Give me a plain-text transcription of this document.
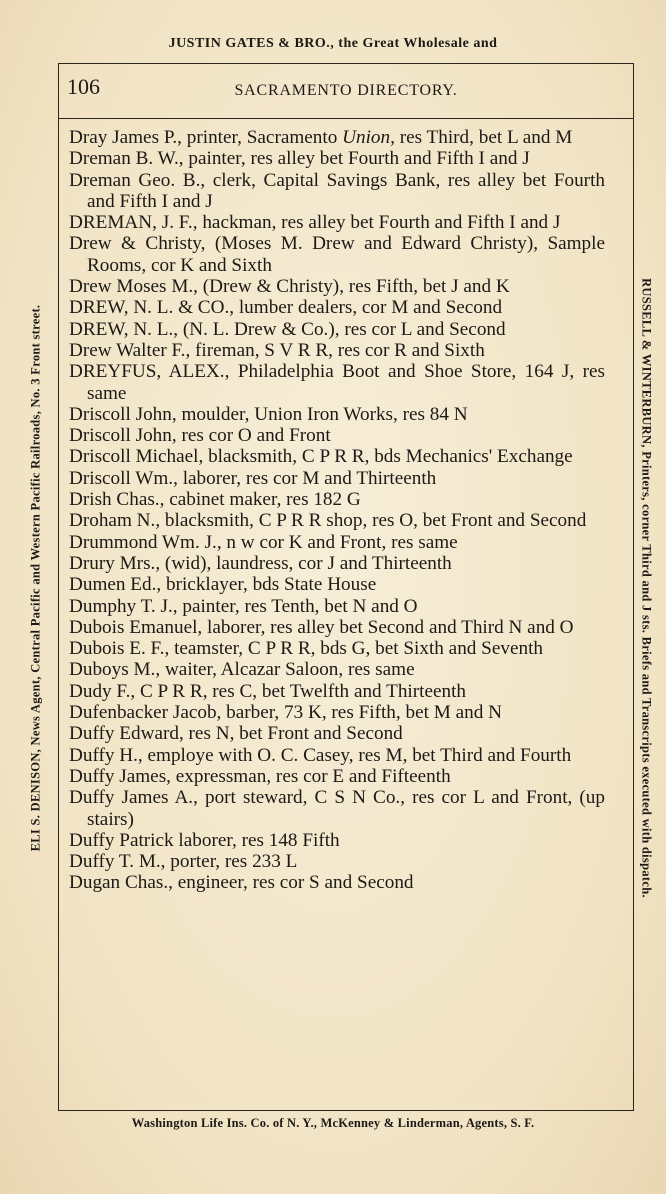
JUSTIN GATES & BRO., the Great Wholesale and
ELI S. DENISON, News Agent, Central Pacific and Western Pacific Railroads, No. 3 Front street.	RUSSELL & WINTERBURN, Printers, corner Third and J sts. Briefs and Transcripts executed with dispatch.
106	SACRAMENTO DIRECTORY.
Dray James P., printer, Sacramento Union, res Third, bet L and M
Dreman B. W., painter, res alley bet Fourth and Fifth I and J
Dreman Geo. B., clerk, Capital Savings Bank, res alley bet Fourth and Fifth I and J
DREMAN, J. F., hackman, res alley bet Fourth and Fifth I and J
Drew & Christy, (Moses M. Drew and Edward Christy), Sample Rooms, cor K and Sixth
Drew Moses M., (Drew & Christy), res Fifth, bet J and K
DREW, N. L. & CO., lumber dealers, cor M and Second
DREW, N. L., (N. L. Drew & Co.), res cor L and Second
Drew Walter F., fireman, S V R R, res cor R and Sixth
DREYFUS, ALEX., Philadelphia Boot and Shoe Store, 164 J, res same
Driscoll John, moulder, Union Iron Works, res 84 N
Driscoll John, res cor O and Front
Driscoll Michael, blacksmith, C P R R, bds Mechanics' Exchange
Driscoll Wm., laborer, res cor M and Thirteenth
Drish Chas., cabinet maker, res 182 G
Droham N., blacksmith, C P R R shop, res O, bet Front and Second
Drummond Wm. J., n w cor K and Front, res same
Drury Mrs., (wid), laundress, cor J and Thirteenth
Dumen Ed., bricklayer, bds State House
Dumphy T. J., painter, res Tenth, bet N and O
Dubois Emanuel, laborer, res alley bet Second and Third N and O
Dubois E. F., teamster, C P R R, bds G, bet Sixth and Seventh
Duboys M., waiter, Alcazar Saloon, res same
Dudy F., C P R R, res C, bet Twelfth and Thirteenth
Dufenbacker Jacob, barber, 73 K, res Fifth, bet M and N
Duffy Edward, res N, bet Front and Second
Duffy H., employe with O. C. Casey, res M, bet Third and Fourth
Duffy James, expressman, res cor E and Fifteenth
Duffy James A., port steward, C S N Co., res cor L and Front, (up stairs)
Duffy Patrick laborer, res 148 Fifth
Duffy T. M., porter, res 233 L
Dugan Chas., engineer, res cor S and Second
Washington Life Ins. Co. of N. Y., McKenney & Linderman, Agents, S. F.
